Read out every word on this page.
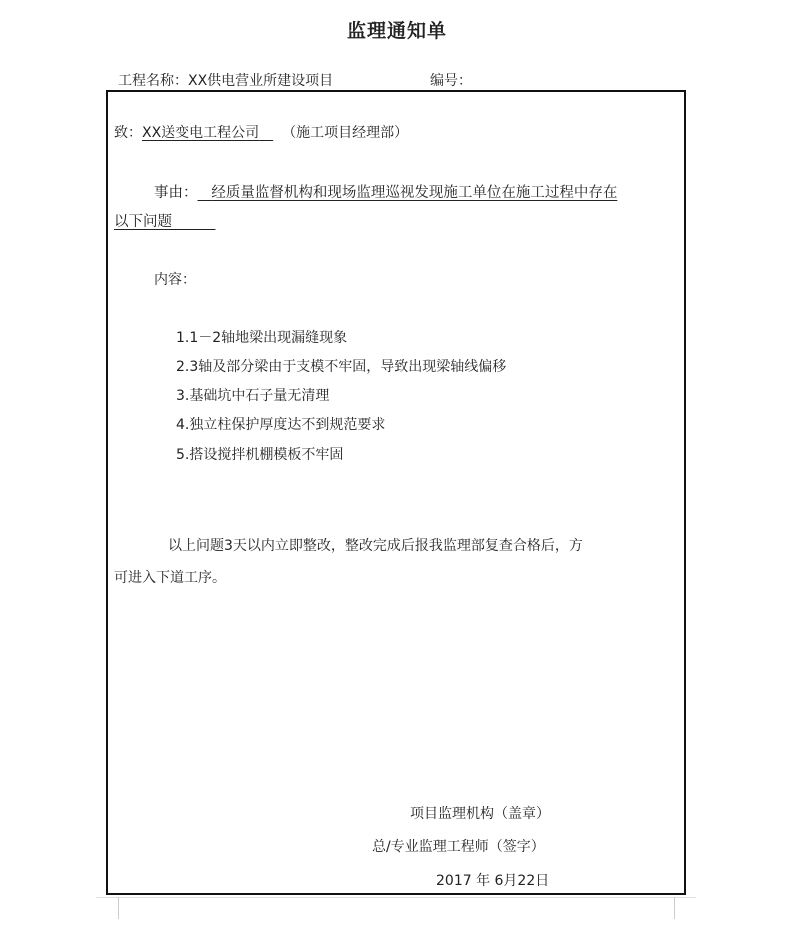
监理通知单
工程名称：XX供电营业所建设项目	编号：
致：XX送变电工程公司  （施工项目经理部）
事由： 经质量监督机构和现场监理巡视发现施工单位在施工过程中存在
以下问题   
内容：
1.1－2轴地梁出现漏缝现象
2.3轴及部分梁由于支模不牢固，导致出现梁轴线偏移
3.基础坑中石子量无清理
4.独立柱保护厚度达不到规范要求
5.搭设搅拌机棚模板不牢固
以上问题3天以内立即整改，整改完成后报我监理部复查合格后，方
可进入下道工序。
项目监理机构（盖章）
总/专业监理工程师（签字）
2017 年 6月22日
